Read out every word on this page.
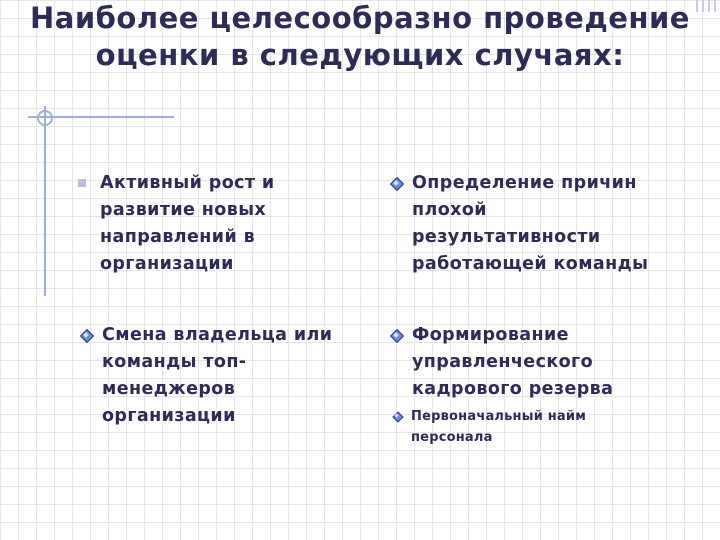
Наиболее целесообразно проведение оценки в следующих случаях:
Активный рост и развитие новых направлений в организации
Смена владельца или команды топ-менеджеров организации
Определение причин плохой результативности работающей команды
Формирование управленческого кадрового резерва
Первоначальный найм персонала
